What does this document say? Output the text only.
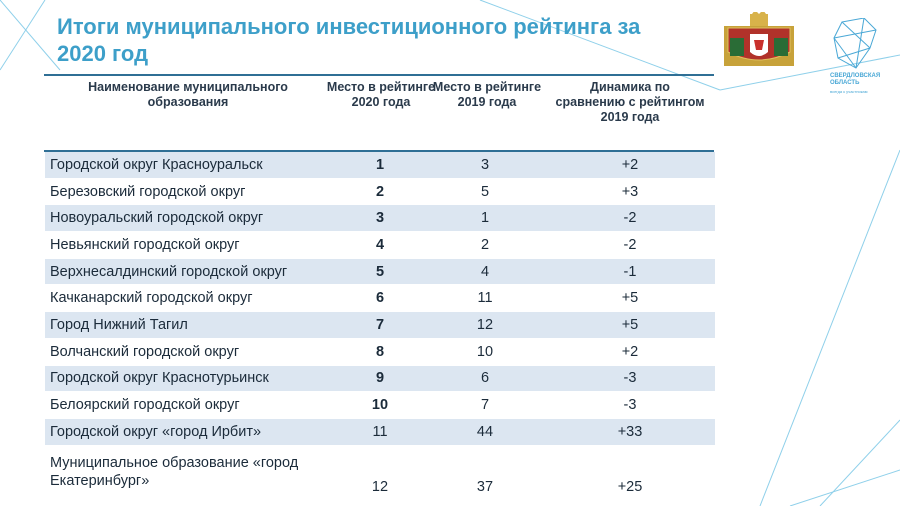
Итоги муниципального инвестиционного рейтинга за 2020 год
СВЕРДЛОВСКАЯ ОБЛАСТЬ
всегда к участникам
Наименование муниципального образования
Место в рейтинге 2020 года
Место в рейтинге 2019 года
Динамика по сравнению с рейтингом 2019 года
Городской округ Красноуральск	1	3	+2
Березовский городской округ	2	5	+3
Новоуральский городской округ	3	1	-2
Невьянский городской округ	4	2	-2
Верхнесалдинский городской округ	5	4	-1
Качканарский городской округ	6	11	+5
Город Нижний Тагил	7	12	+5
Волчанский городской округ	8	10	+2
Городской округ Краснотурьинск	9	6	-3
Белоярский городской округ	10	7	-3
Городской округ «город Ирбит»	11	44	+33
Муниципальное образование «город Екатеринбург»	12	37	+25
